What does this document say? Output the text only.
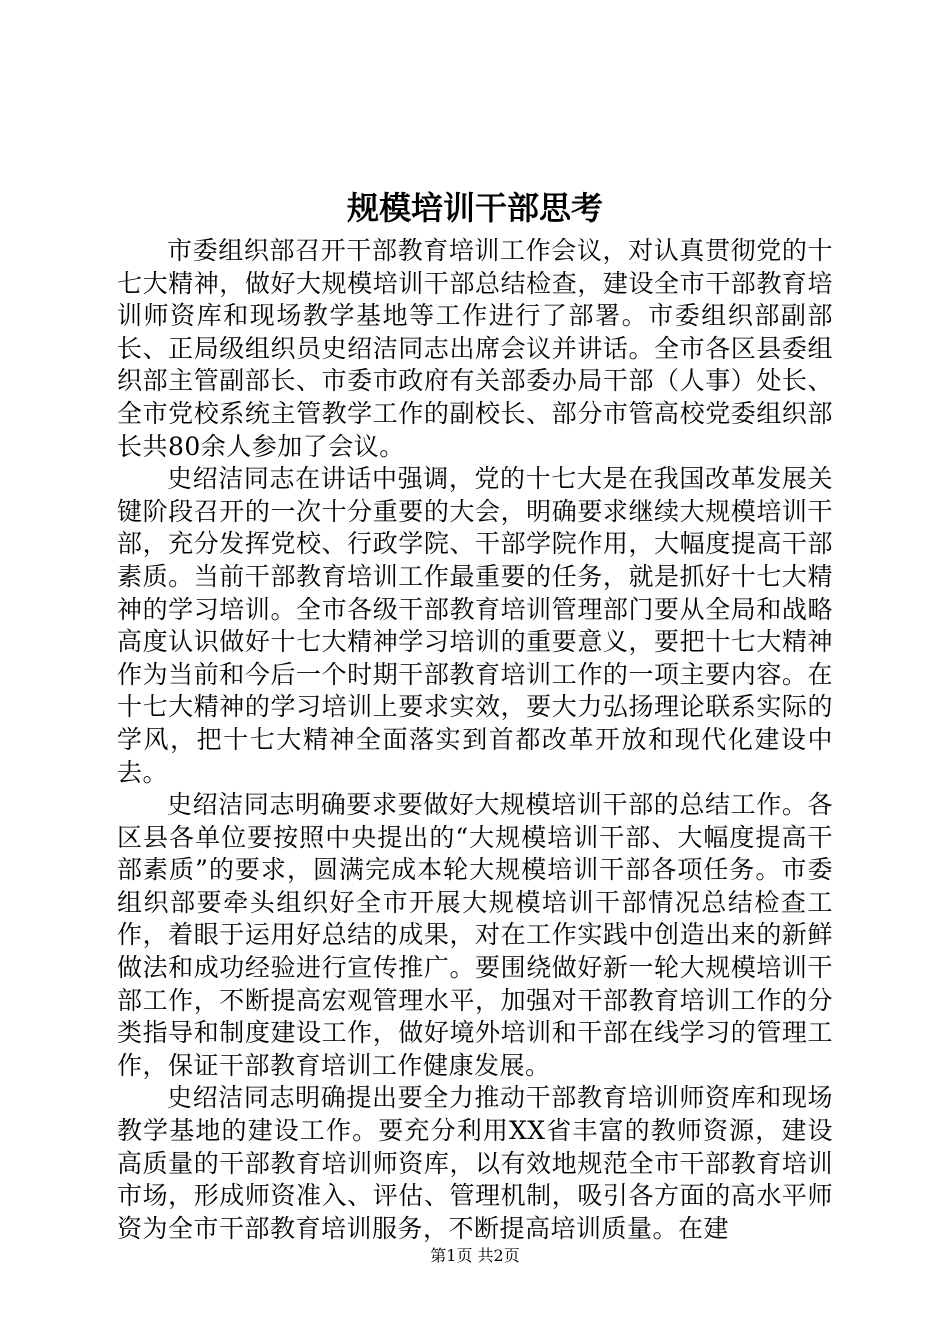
规模培训干部思考

市委组织部召开干部教育培训工作会议，对认真贯彻党的十七大精神，做好大规模培训干部总结检查，建设全市干部教育培训师资库和现场教学基地等工作进行了部署。市委组织部副部长、正局级组织员史绍洁同志出席会议并讲话。全市各区县委组织部主管副部长、市委市政府有关部委办局干部（人事）处长、全市党校系统主管教学工作的副校长、部分市管高校党委组织部长共80余人参加了会议。

史绍洁同志在讲话中强调，党的十七大是在我国改革发展关键阶段召开的一次十分重要的大会，明确要求继续大规模培训干部，充分发挥党校、行政学院、干部学院作用，大幅度提高干部素质。当前干部教育培训工作最重要的任务，就是抓好十七大精神的学习培训。全市各级干部教育培训管理部门要从全局和战略高度认识做好十七大精神学习培训的重要意义，要把十七大精神作为当前和今后一个时期干部教育培训工作的一项主要内容。在十七大精神的学习培训上要求实效，要大力弘扬理论联系实际的学风，把十七大精神全面落实到首都改革开放和现代化建设中去。

史绍洁同志明确要求要做好大规模培训干部的总结工作。各区县各单位要按照中央提出的“大规模培训干部、大幅度提高干部素质”的要求，圆满完成本轮大规模培训干部各项任务。市委组织部要牵头组织好全市开展大规模培训干部情况总结检查工作，着眼于运用好总结的成果，对在工作实践中创造出来的新鲜做法和成功经验进行宣传推广。要围绕做好新一轮大规模培训干部工作，不断提高宏观管理水平，加强对干部教育培训工作的分类指导和制度建设工作，做好境外培训和干部在线学习的管理工作，保证干部教育培训工作健康发展。

史绍洁同志明确提出要全力推动干部教育培训师资库和现场教学基地的建设工作。要充分利用XX省丰富的教师资源，建设高质量的干部教育培训师资库，以有效地规范全市干部教育培训市场，形成师资准入、评估、管理机制，吸引各方面的高水平师资为全市干部教育培训服务，不断提高培训质量。在建

第1页 共2页
